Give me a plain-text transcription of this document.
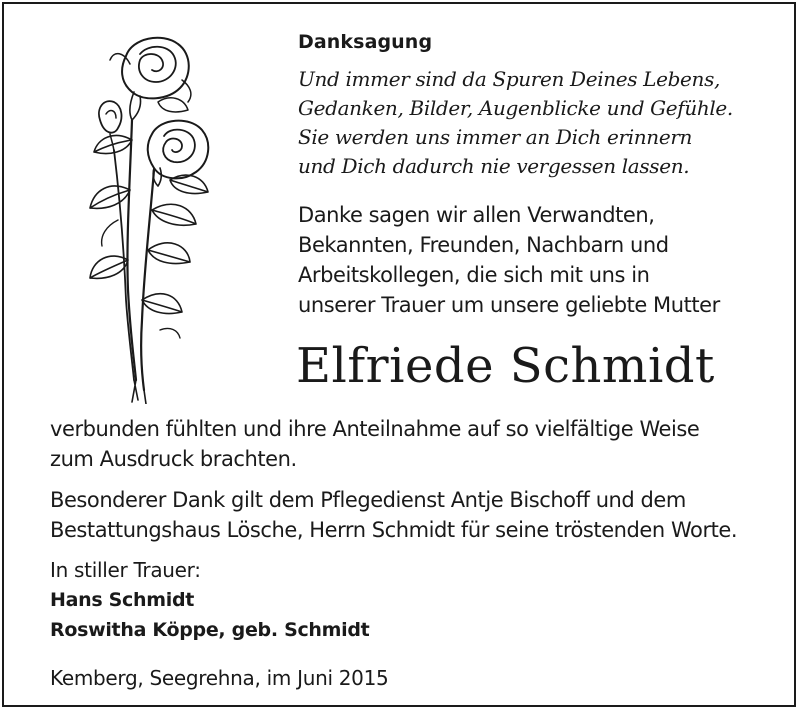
Danksagung
Und immer sind da Spuren Deines Lebens,
Gedanken, Bilder, Augenblicke und Gefühle.
Sie werden uns immer an Dich erinnern
und Dich dadurch nie vergessen lassen.
Danke sagen wir allen Verwandten,
Bekannten, Freunden, Nachbarn und
Arbeitskollegen, die sich mit uns in
unserer Trauer um unsere geliebte Mutter
Elfriede Schmidt
verbunden fühlten und ihre Anteilnahme auf so vielfältige Weise
zum Ausdruck brachten.
Besonderer Dank gilt dem Pflegedienst Antje Bischoff und dem
Bestattungshaus Lösche, Herrn Schmidt für seine tröstenden Worte.
In stiller Trauer:
Hans Schmidt
Roswitha Köppe, geb. Schmidt
Kemberg, Seegrehna, im Juni 2015
